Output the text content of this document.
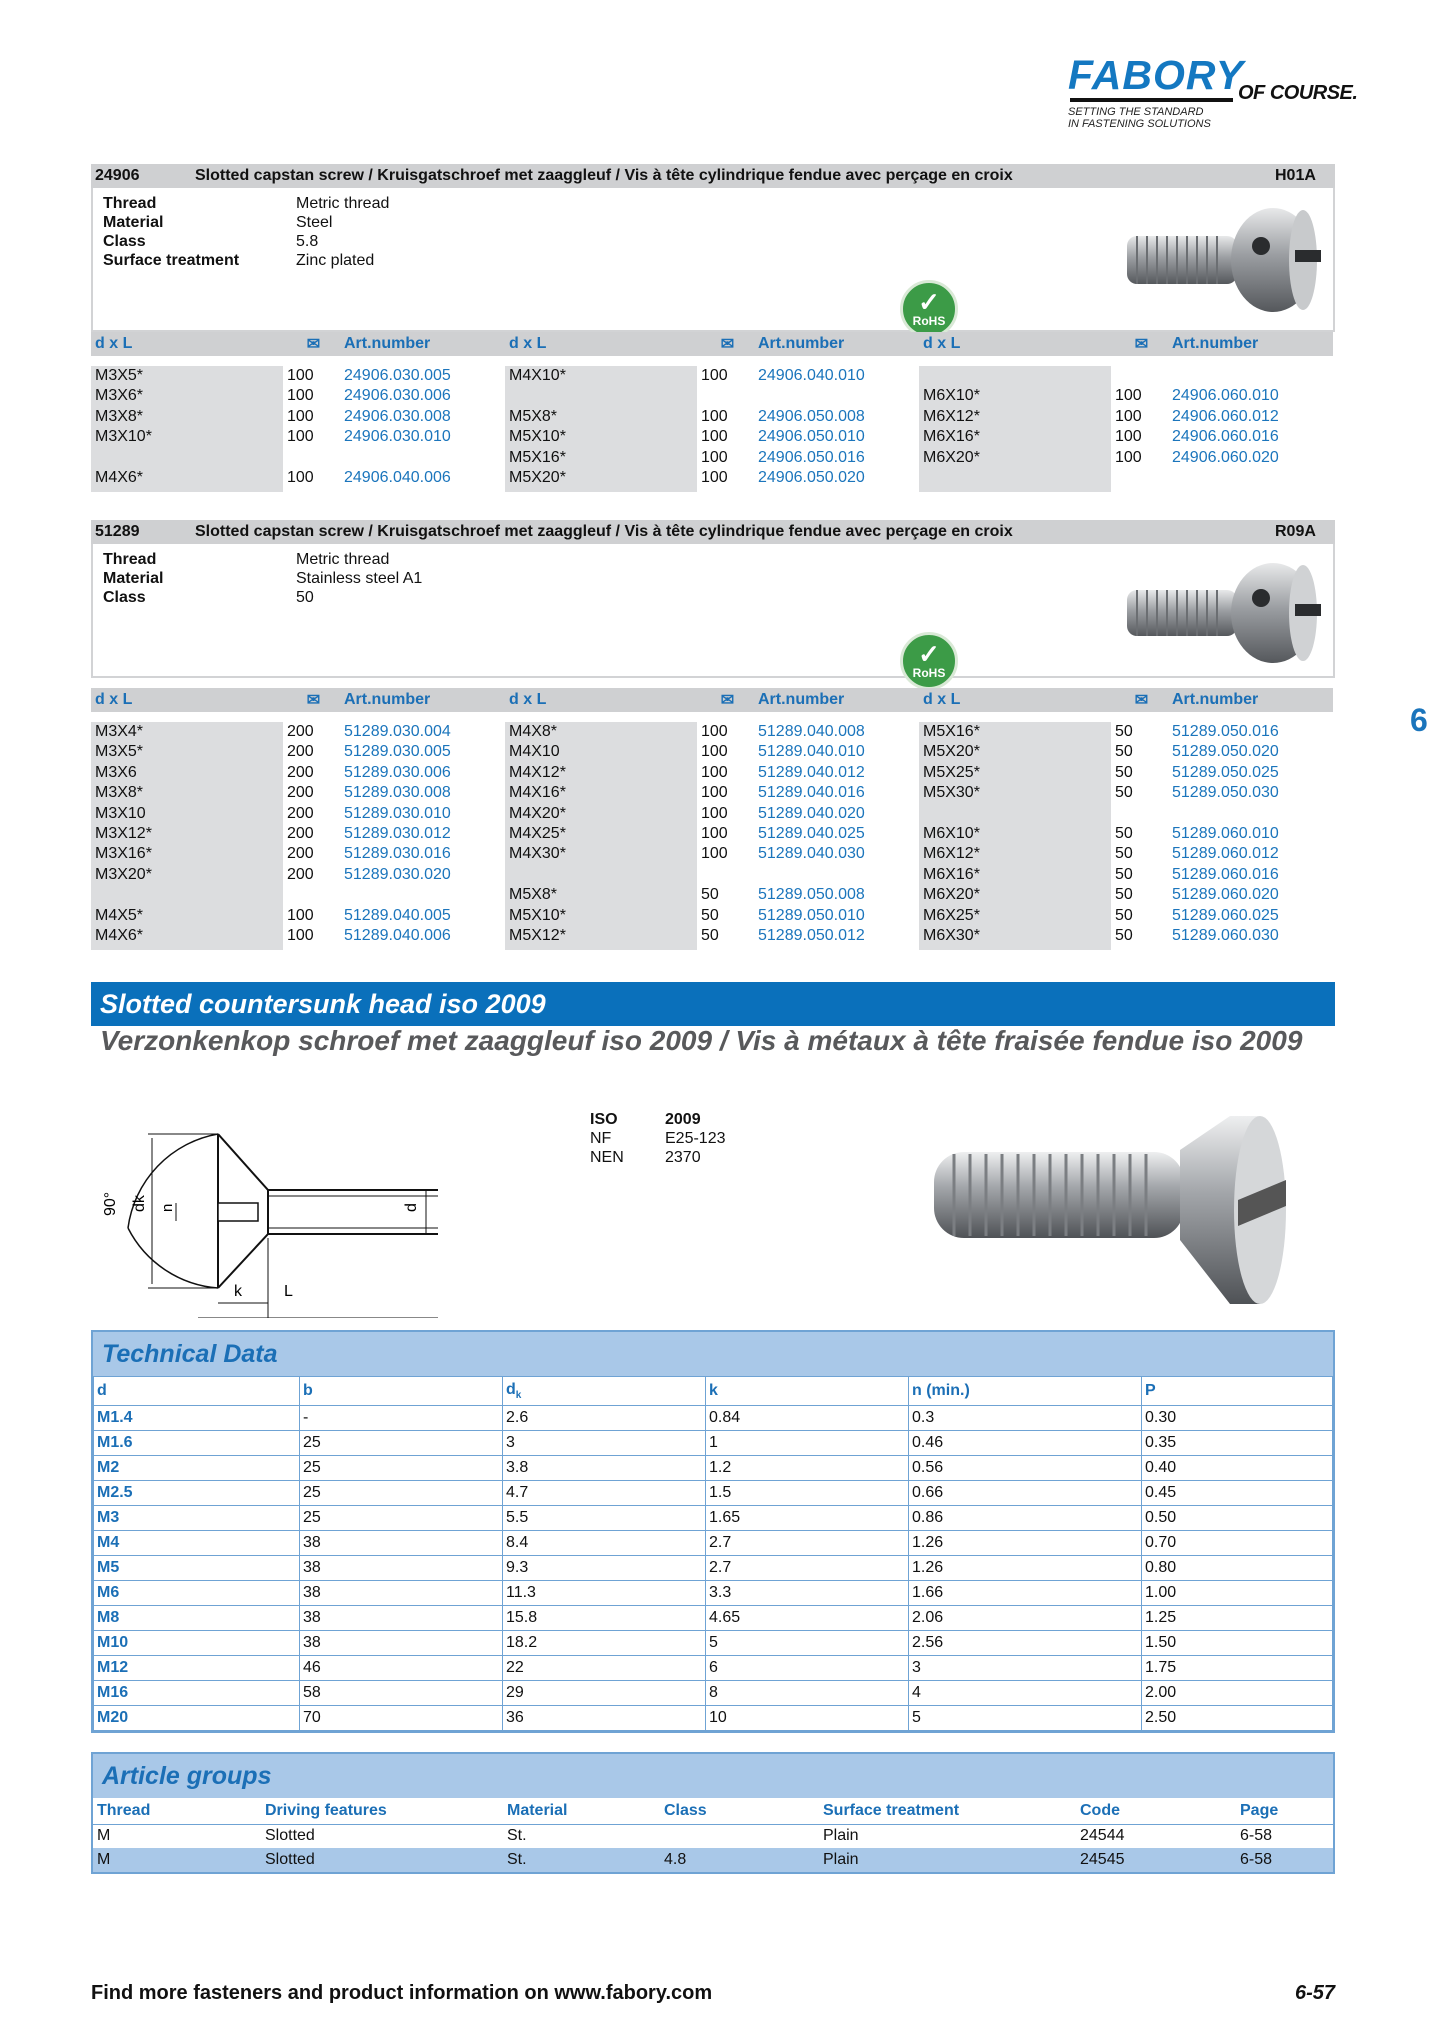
FABORY
OF COURSE.
SETTING THE STANDARD
IN FASTENING SOLUTIONS
6
24906	Slotted capstan screw / Kruisgatschroef met zaaggleuf / Vis à tête cylindrique fendue avec perçage en croix	H01A
Thread	Metric thread
Material	Steel
Class	5.8
Surface treatment	Zinc plated
✓
RoHS
d x L	✉	Art.number	d x L	✉	Art.number	d x L	✉	Art.number
M3X5*	100	24906.030.005
M3X6*	100	24906.030.006
M3X8*	100	24906.030.008
M3X10*	100	24906.030.010
M4X6*	100	24906.040.006
M4X10*	100	24906.040.010
M5X8*	100	24906.050.008
M5X10*	100	24906.050.010
M5X16*	100	24906.050.016
M5X20*	100	24906.050.020
M6X10*	100	24906.060.010
M6X12*	100	24906.060.012
M6X16*	100	24906.060.016
M6X20*	100	24906.060.020
51289	Slotted capstan screw / Kruisgatschroef met zaaggleuf / Vis à tête cylindrique fendue avec perçage en croix	R09A
Thread	Metric thread
Material	Stainless steel A1
Class	50
✓
RoHS
d x L	✉	Art.number	d x L	✉	Art.number	d x L	✉	Art.number
M3X4*	200	51289.030.004
M3X5*	200	51289.030.005
M3X6	200	51289.030.006
M3X8*	200	51289.030.008
M3X10	200	51289.030.010
M3X12*	200	51289.030.012
M3X16*	200	51289.030.016
M3X20*	200	51289.030.020
M4X5*	100	51289.040.005
M4X6*	100	51289.040.006
M4X8*	100	51289.040.008
M4X10	100	51289.040.010
M4X12*	100	51289.040.012
M4X16*	100	51289.040.016
M4X20*	100	51289.040.020
M4X25*	100	51289.040.025
M4X30*	100	51289.040.030
M5X8*	50	51289.050.008
M5X10*	50	51289.050.010
M5X12*	50	51289.050.012
M5X16*	50	51289.050.016
M5X20*	50	51289.050.020
M5X25*	50	51289.050.025
M5X30*	50	51289.050.030
M6X10*	50	51289.060.010
M6X12*	50	51289.060.012
M6X16*	50	51289.060.016
M6X20*	50	51289.060.020
M6X25*	50	51289.060.025
M6X30*	50	51289.060.030
Slotted countersunk head iso 2009
Verzonkenkop schroef met zaaggleuf iso 2009 / Vis à métaux à tête fraisée fendue iso 2009
90° dk n	d
k	L
ISO	2009
NF	E25-123
NEN	2370
Technical Data
d	b	$d_k$	k	n (min.)	P
M1.4	-	2.6	0.84	0.3	0.30
M1.6	25	3	1	0.46	0.35
M2	25	3.8	1.2	0.56	0.40
M2.5	25	4.7	1.5	0.66	0.45
M3	25	5.5	1.65	0.86	0.50
M4	38	8.4	2.7	1.26	0.70
M5	38	9.3	2.7	1.26	0.80
M6	38	11.3	3.3	1.66	1.00
M8	38	15.8	4.65	2.06	1.25
M10	38	18.2	5	2.56	1.50
M12	46	22	6	3	1.75
M16	58	29	8	4	2.00
M20	70	36	10	5	2.50
Article groups
Thread	Driving features	Material	Class	Surface treatment	Code	Page
M	Slotted	St.		Plain	24544	6-58
M	Slotted	St.	4.8	Plain	24545	6-58
Find more fasteners and product information on www.fabory.com	6-57
